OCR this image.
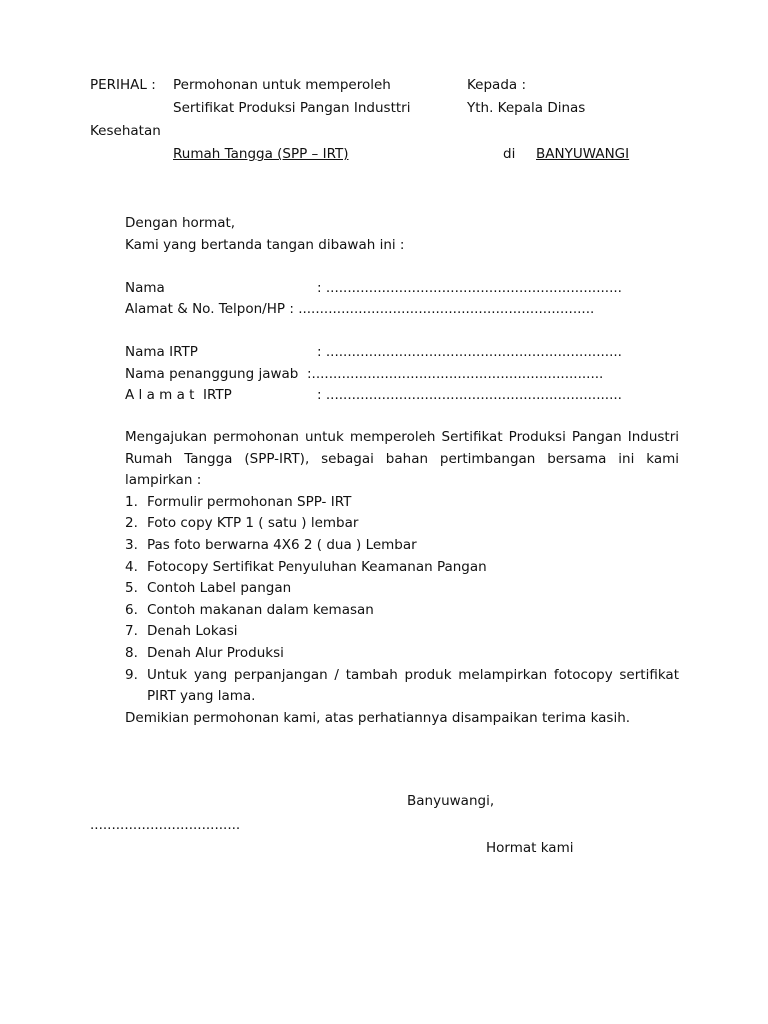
PERIHAL : Permohonan untuk memperoleh	Kepada :
Sertifikat Produksi Pangan Industtri	Yth. Kepala Dinas
Kesehatan
Rumah Tangga (SPP – IRT)	di BANYUWANGI
Dengan hormat,
Kami yang bertanda tangan dibawah ini :
Nama	: .....................................................................
Alamat & No. Telpon/HP : .....................................................................
Nama IRTP	: .....................................................................
Nama penanggung jawab :....................................................................
A l a m a t  IRTP	: .....................................................................

Mengajukan permohonan untuk memperoleh Sertifikat Produksi Pangan Industri Rumah Tangga (SPP-IRT), sebagai bahan pertimbangan bersama ini kami lampirkan :

1. Formulir permohonan SPP- IRT
2. Foto copy KTP 1 ( satu ) lembar
3. Pas foto berwarna 4X6 2 ( dua ) Lembar
4. Fotocopy Sertifikat Penyuluhan Keamanan Pangan
5. Contoh Label pangan
6. Contoh makanan dalam kemasan
7. Denah Lokasi
8. Denah Alur Produksi
9. Untuk yang perpanjangan / tambah produk melampirkan fotocopy sertifikat PIRT yang lama.

Demikian permohonan kami, atas perhatiannya disampaikan terima kasih.

Banyuwangi,
...................................
Hormat kami
